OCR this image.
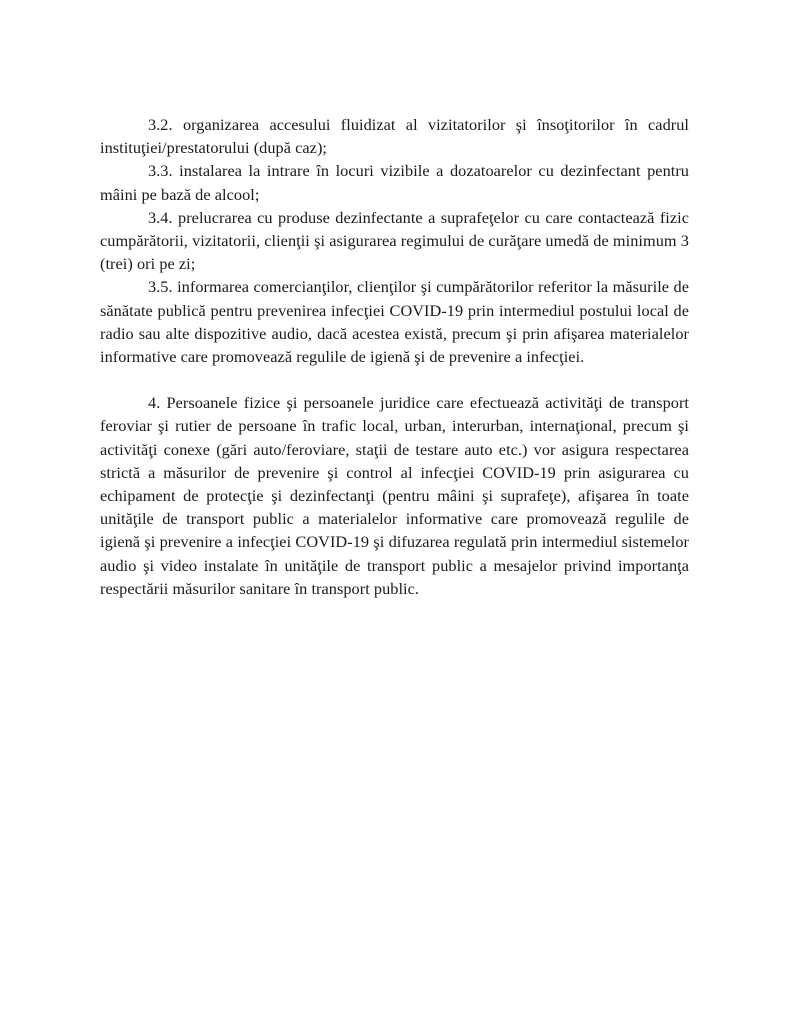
3.2. organizarea accesului fluidizat al vizitatorilor şi însoţitorilor în cadrul instituţiei/prestatorului (după caz);

3.3. instalarea la intrare în locuri vizibile a dozatoarelor cu dezinfectant pentru mâini pe bază de alcool;

3.4. prelucrarea cu produse dezinfectante a suprafeţelor cu care contactează fizic cumpărătorii, vizitatorii, clienţii şi asigurarea regimului de curăţare umedă de minimum 3 (trei) ori pe zi;

3.5. informarea comercianţilor, clienţilor şi cumpărătorilor referitor la măsurile de sănătate publică pentru prevenirea infecţiei COVID-19 prin intermediul postului local de radio sau alte dispozitive audio, dacă acestea există, precum şi prin afişarea materialelor informative care promovează regulile de igienă şi de prevenire a infecţiei.

4. Persoanele fizice şi persoanele juridice care efectuează activităţi de transport feroviar şi rutier de persoane în trafic local, urban, interurban, internaţional, precum şi activităţi conexe (gări auto/feroviare, staţii de testare auto etc.) vor asigura respectarea strictă a măsurilor de prevenire şi control al infecţiei COVID-19 prin asigurarea cu echipament de protecţie şi dezinfectanţi (pentru mâini şi suprafeţe), afişarea în toate unităţile de transport public a materialelor informative care promovează regulile de igienă şi prevenire a infecţiei COVID-19 şi difuzarea regulată prin intermediul sistemelor audio şi video instalate în unităţile de transport public a mesajelor privind importanţa respectării măsurilor sanitare în transport public.
